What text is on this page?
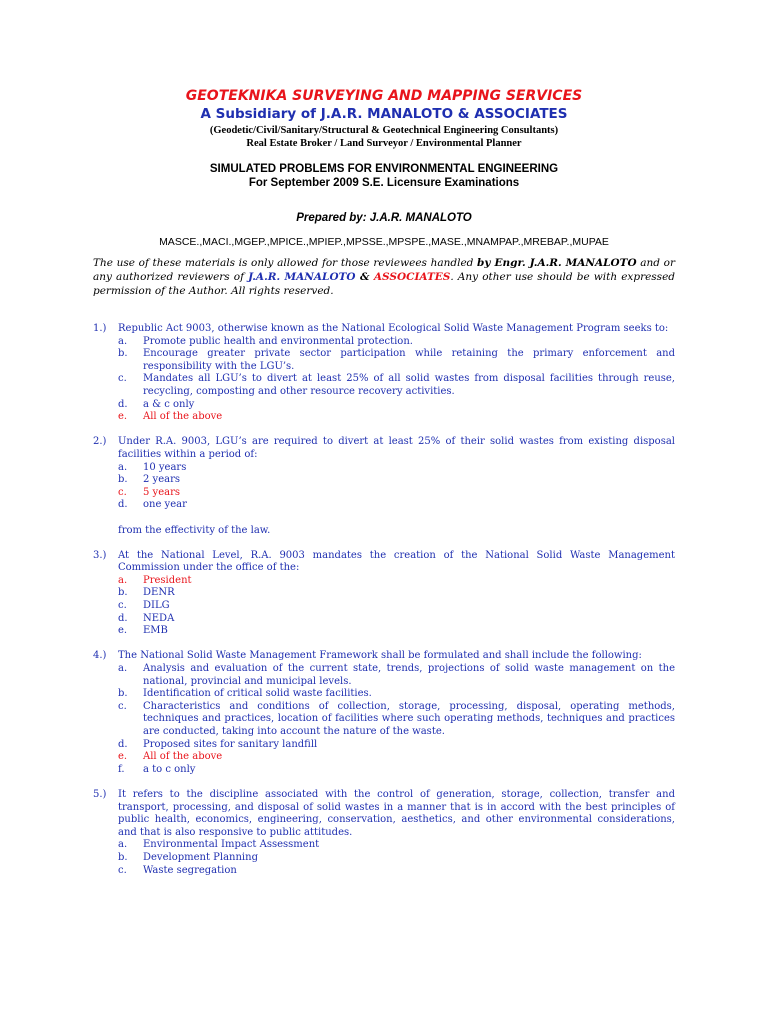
GEOTEKNIKA SURVEYING AND MAPPING SERVICES
A Subsidiary of J.A.R. MANALOTO & ASSOCIATES
(Geodetic/Civil/Sanitary/Structural & Geotechnical Engineering Consultants)
Real Estate Broker / Land Surveyor / Environmental Planner
SIMULATED PROBLEMS FOR ENVIRONMENTAL ENGINEERING
For September 2009 S.E. Licensure Examinations
Prepared by: J.A.R. MANALOTO
MASCE.,MACI.,MGEP.,MPICE.,MPIEP.,MPSSE.,MPSPE.,MASE.,MNAMPAP.,MREBAP.,MUPAE
The use of these materials is only allowed for those reviewees handled by Engr. J.A.R. MANALOTO and or any authorized reviewers of J.A.R. MANALOTO & ASSOCIATES. Any other use should be with expressed permission of the Author. All rights reserved.
1.) Republic Act 9003, otherwise known as the National Ecological Solid Waste Management Program seeks to:
a. Promote public health and environmental protection.
b. Encourage greater private sector participation while retaining the primary enforcement and responsibility with the LGU’s.
c. Mandates all LGU’s to divert at least 25% of all solid wastes from disposal facilities through reuse, recycling, composting and other resource recovery activities.
d. a & c only
e. All of the above
2.) Under R.A. 9003, LGU’s are required to divert at least 25% of their solid wastes from existing disposal facilities within a period of:
a. 10 years
b. 2 years
c. 5 years
d. one year
from the effectivity of the law.
3.) At the National Level, R.A. 9003 mandates the creation of the National Solid Waste Management Commission under the office of the:
a. President
b. DENR
c. DILG
d. NEDA
e. EMB
4.) The National Solid Waste Management Framework shall be formulated and shall include the following:
a. Analysis and evaluation of the current state, trends, projections of solid waste management on the national, provincial and municipal levels.
b. Identification of critical solid waste facilities.
c. Characteristics and conditions of collection, storage, processing, disposal, operating methods, techniques and practices, location of facilities where such operating methods, techniques and practices are conducted, taking into account the nature of the waste.
d. Proposed sites for sanitary landfill
e. All of the above
f. a to c only
5.) It refers to the discipline associated with the control of generation, storage, collection, transfer and transport, processing, and disposal of solid wastes in a manner that is in accord with the best principles of public health, economics, engineering, conservation, aesthetics, and other environmental considerations, and that is also responsive to public attitudes.
a. Environmental Impact Assessment
b. Development Planning
c. Waste segregation
